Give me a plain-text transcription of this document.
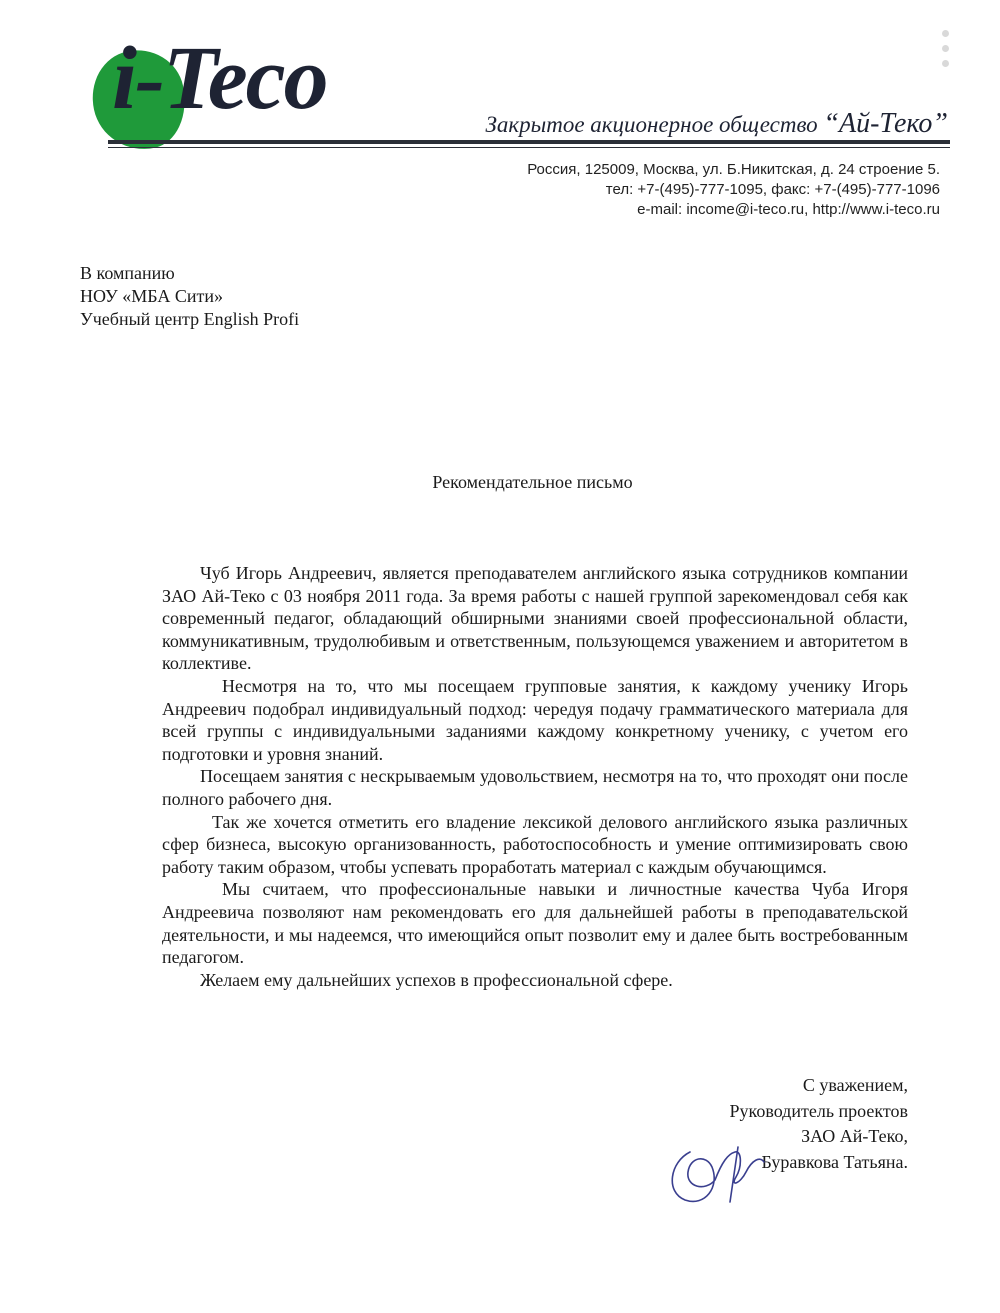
i-Teco	Закрытое акционерное общество “Ай-Теко”
Россия, 125009, Москва, ул. Б.Никитская, д. 24 строение 5.
тел: +7-(495)-777-1095, факс: +7-(495)-777-1096
e-mail: income@i-teco.ru, http://www.i-teco.ru
В компанию
НОУ «МБА Сити»
Учебный центр English Profi
Рекомендательное письмо

Чуб Игорь Андреевич, является преподавателем английского языка сотрудников компании ЗАО Ай-Теко с 03 ноября 2011 года. За время работы с нашей группой зарекомендовал себя как современный педагог, обладающий обширными знаниями своей профессиональной области, коммуникативным, трудолюбивым и ответственным, пользующемся уважением и авторитетом в коллективе.

Несмотря на то, что мы посещаем групповые занятия, к каждому ученику Игорь Андреевич подобрал индивидуальный подход: чередуя подачу грамматического материала для всей группы с индивидуальными заданиями каждому конкретному ученику, с учетом его подготовки и уровня знаний.

Посещаем занятия с нескрываемым удовольствием, несмотря на то, что проходят они после полного рабочего дня.

Так же хочется отметить его владение лексикой делового английского языка различных сфер бизнеса, высокую организованность, работоспособность и умение оптимизировать свою работу таким образом, чтобы успевать проработать материал с каждым обучающимся.

Мы считаем, что профессиональные навыки и личностные качества Чуба Игоря Андреевича позволяют нам рекомендовать его для дальнейшей работы в преподавательской деятельности, и мы надеемся, что имеющийся опыт позволит ему и далее быть востребованным педагогом.

Желаем ему дальнейших успехов в профессиональной сфере.

С уважением,
Руководитель проектов
ЗАО Ай-Теко,
Буравкова Татьяна.
